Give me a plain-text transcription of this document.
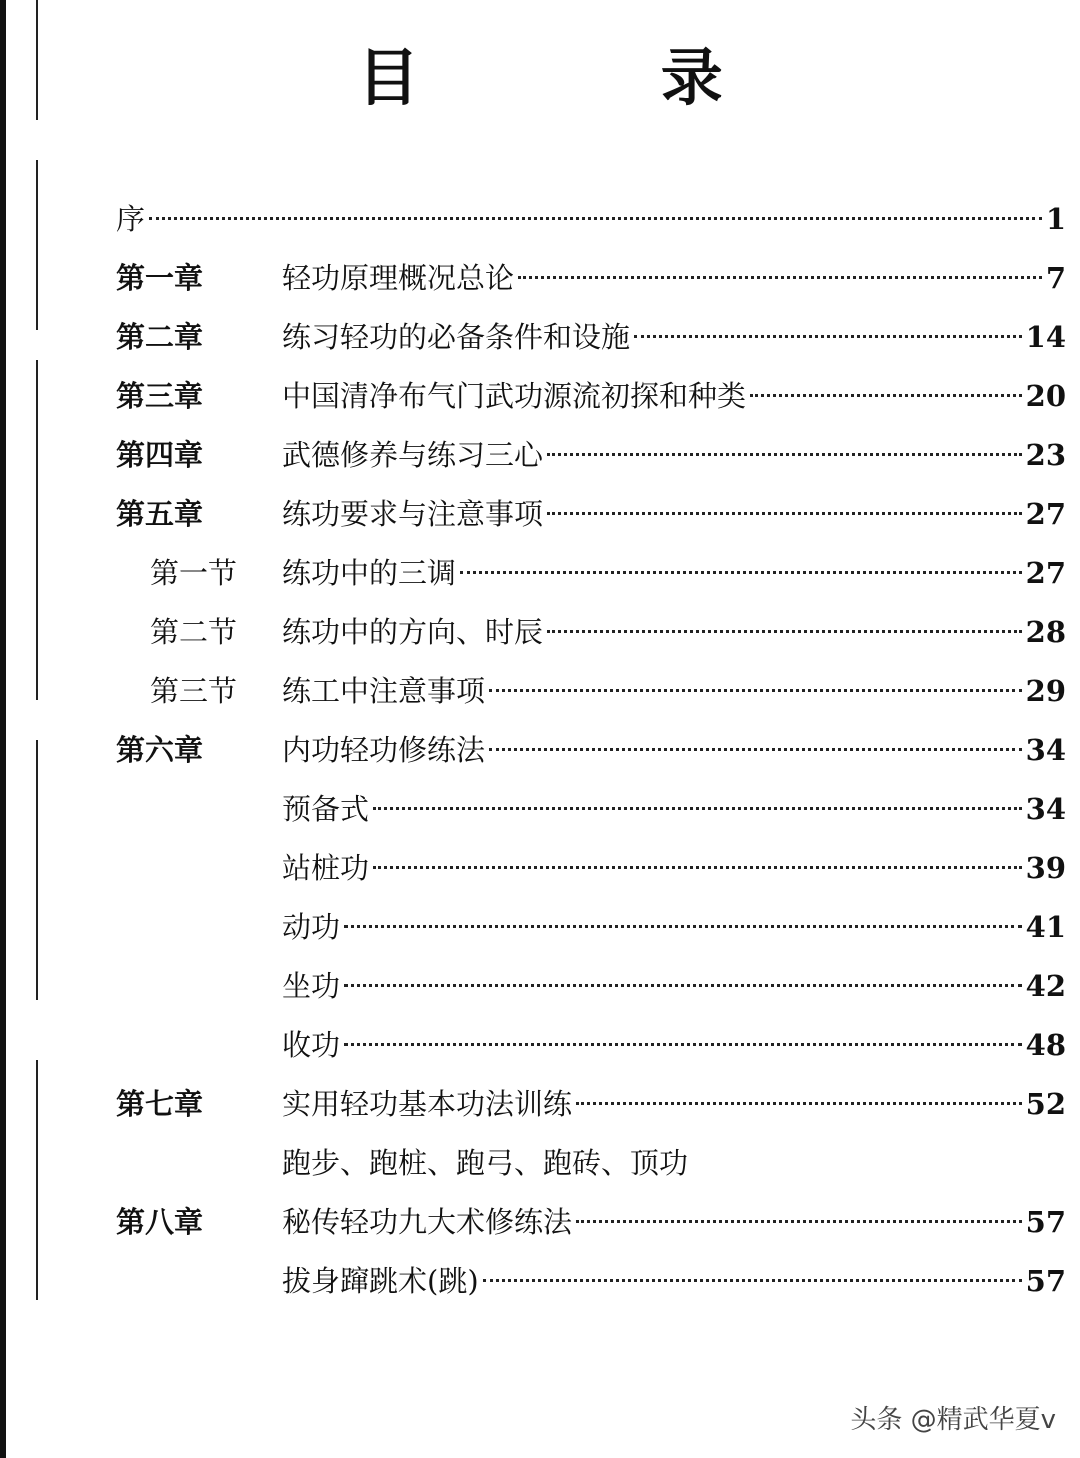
目 录
序	1
第一章	轻功原理概况总论	7
第二章	练习轻功的必备条件和设施	14
第三章	中国清净布气门武功源流初探和种类	20
第四章	武德修养与练习三心	23
第五章	练功要求与注意事项	27
第一节 练功中的三调	27
第二节 练功中的方向、时辰	28
第三节 练工中注意事项	29
第六章	内功轻功修练法	34
预备式	34
站桩功	39
动功	41
坐功	42
收功	48
第七章	实用轻功基本功法训练	52
跑步、跑桩、跑弓、跑砖、顶功
第八章	秘传轻功九大术修练法	57
拔身蹿跳术(跳)	57
头条 @精武华夏v
